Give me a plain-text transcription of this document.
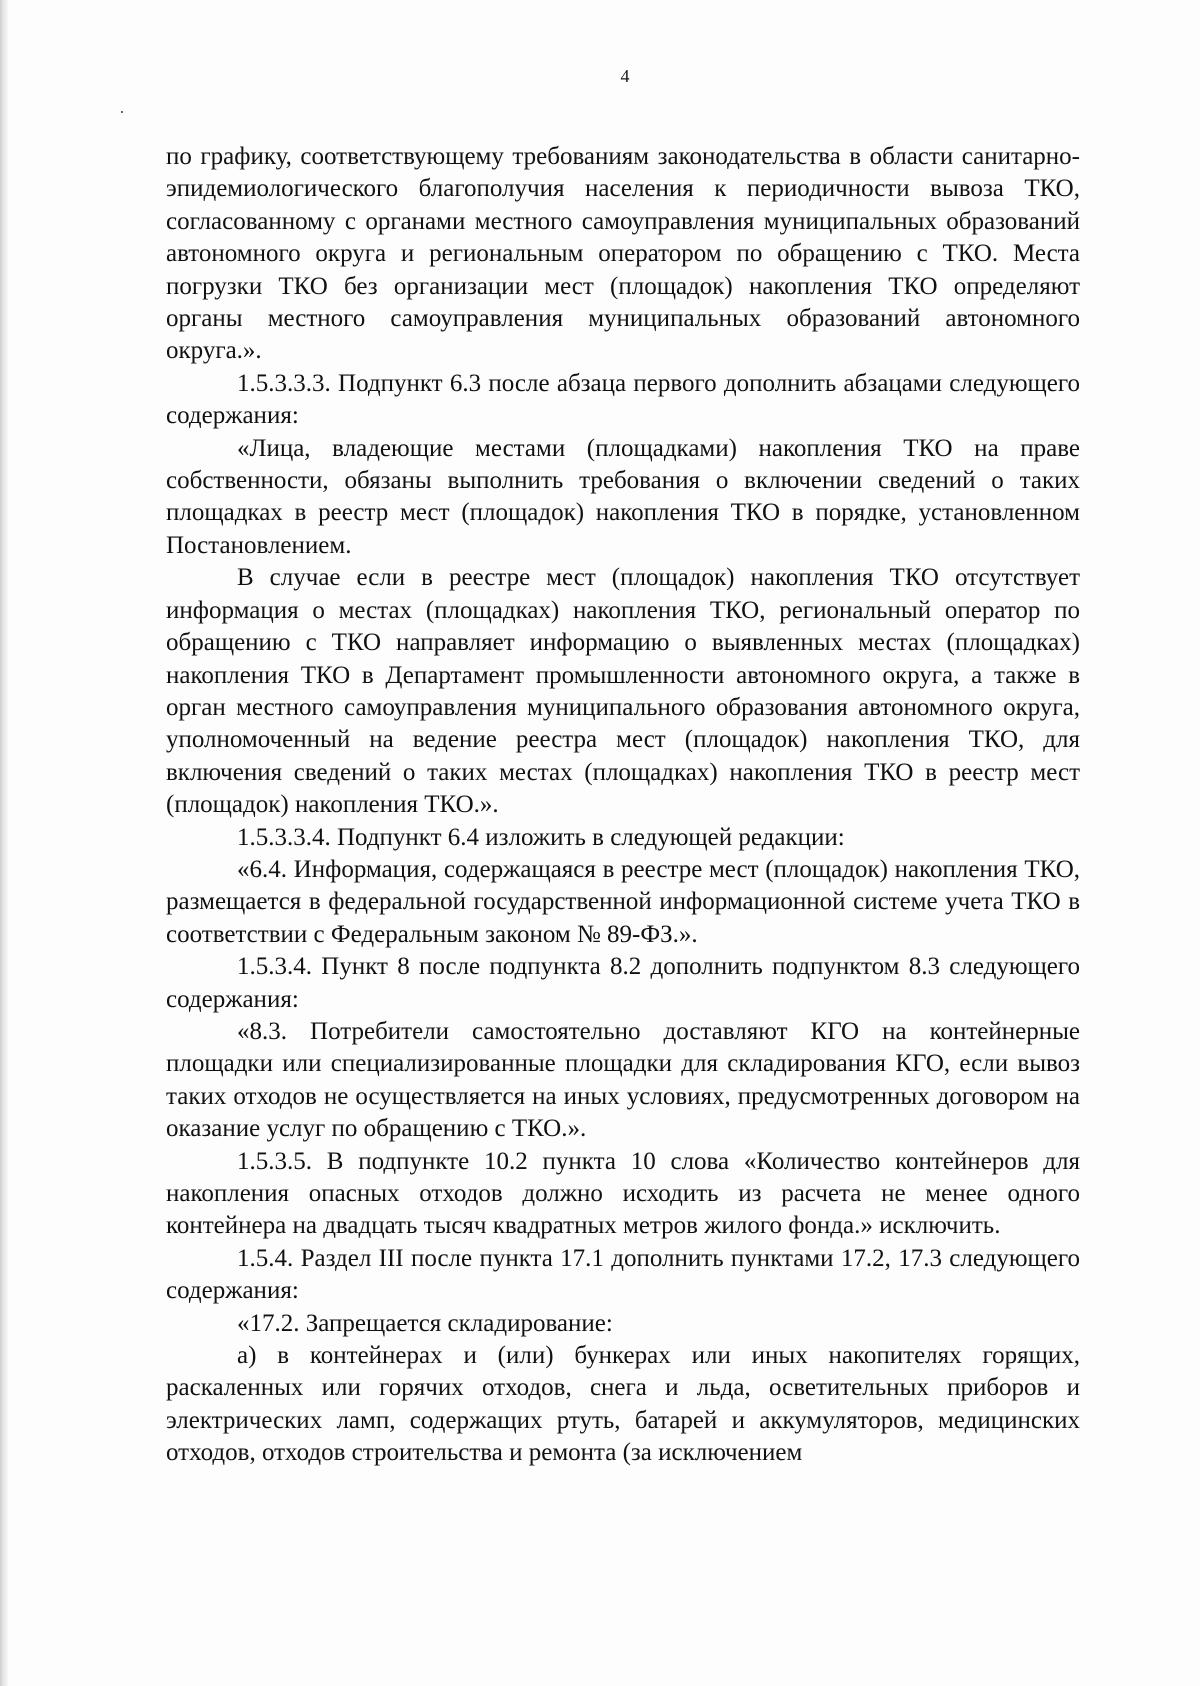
4

по графику, соответствующему требованиям законодательства в области санитарно-эпидемиологического благополучия населения к периодичности вывоза ТКО, согласованному с органами местного самоуправления муниципальных образований автономного округа и региональным оператором по обращению с ТКО. Места погрузки ТКО без организации мест (площадок) накопления ТКО определяют органы местного самоуправления муниципальных образований автономного округа.».

1.5.3.3.3. Подпункт 6.3 после абзаца первого дополнить абзацами следующего содержания:

«Лица, владеющие местами (площадками) накопления ТКО на праве собственности, обязаны выполнить требования о включении сведений о таких площадках в реестр мест (площадок) накопления ТКО в порядке, установленном Постановлением.

В случае если в реестре мест (площадок) накопления ТКО отсутствует информация о местах (площадках) накопления ТКО, региональный оператор по обращению с ТКО направляет информацию о выявленных местах (площадках) накопления ТКО в Департамент промышленности автономного округа, а также в орган местного самоуправления муниципального образования автономного округа, уполномоченный на ведение реестра мест (площадок) накопления ТКО, для включения сведений о таких местах (площадках) накопления ТКО в реестр мест (площадок) накопления ТКО.».

1.5.3.3.4. Подпункт 6.4 изложить в следующей редакции:

«6.4. Информация, содержащаяся в реестре мест (площадок) накопления ТКО, размещается в федеральной государственной информационной системе учета ТКО в соответствии с Федеральным законом № 89-ФЗ.».

1.5.3.4. Пункт 8 после подпункта 8.2 дополнить подпунктом 8.3 следующего содержания:

«8.3. Потребители самостоятельно доставляют КГО на контейнерные площадки или специализированные площадки для складирования КГО, если вывоз таких отходов не осуществляется на иных условиях, предусмотренных договором на оказание услуг по обращению с ТКО.».

1.5.3.5. В подпункте 10.2 пункта 10 слова «Количество контейнеров для накопления опасных отходов должно исходить из расчета не менее одного контейнера на двадцать тысяч квадратных метров жилого фонда.» исключить.

1.5.4. Раздел III после пункта 17.1 дополнить пунктами 17.2, 17.3 следующего содержания:

«17.2. Запрещается складирование:

а) в контейнерах и (или) бункерах или иных накопителях горящих, раскаленных или горячих отходов, снега и льда, осветительных приборов и электрических ламп, содержащих ртуть, батарей и аккумуляторов, медицинских отходов, отходов строительства и ремонта (за исключением
